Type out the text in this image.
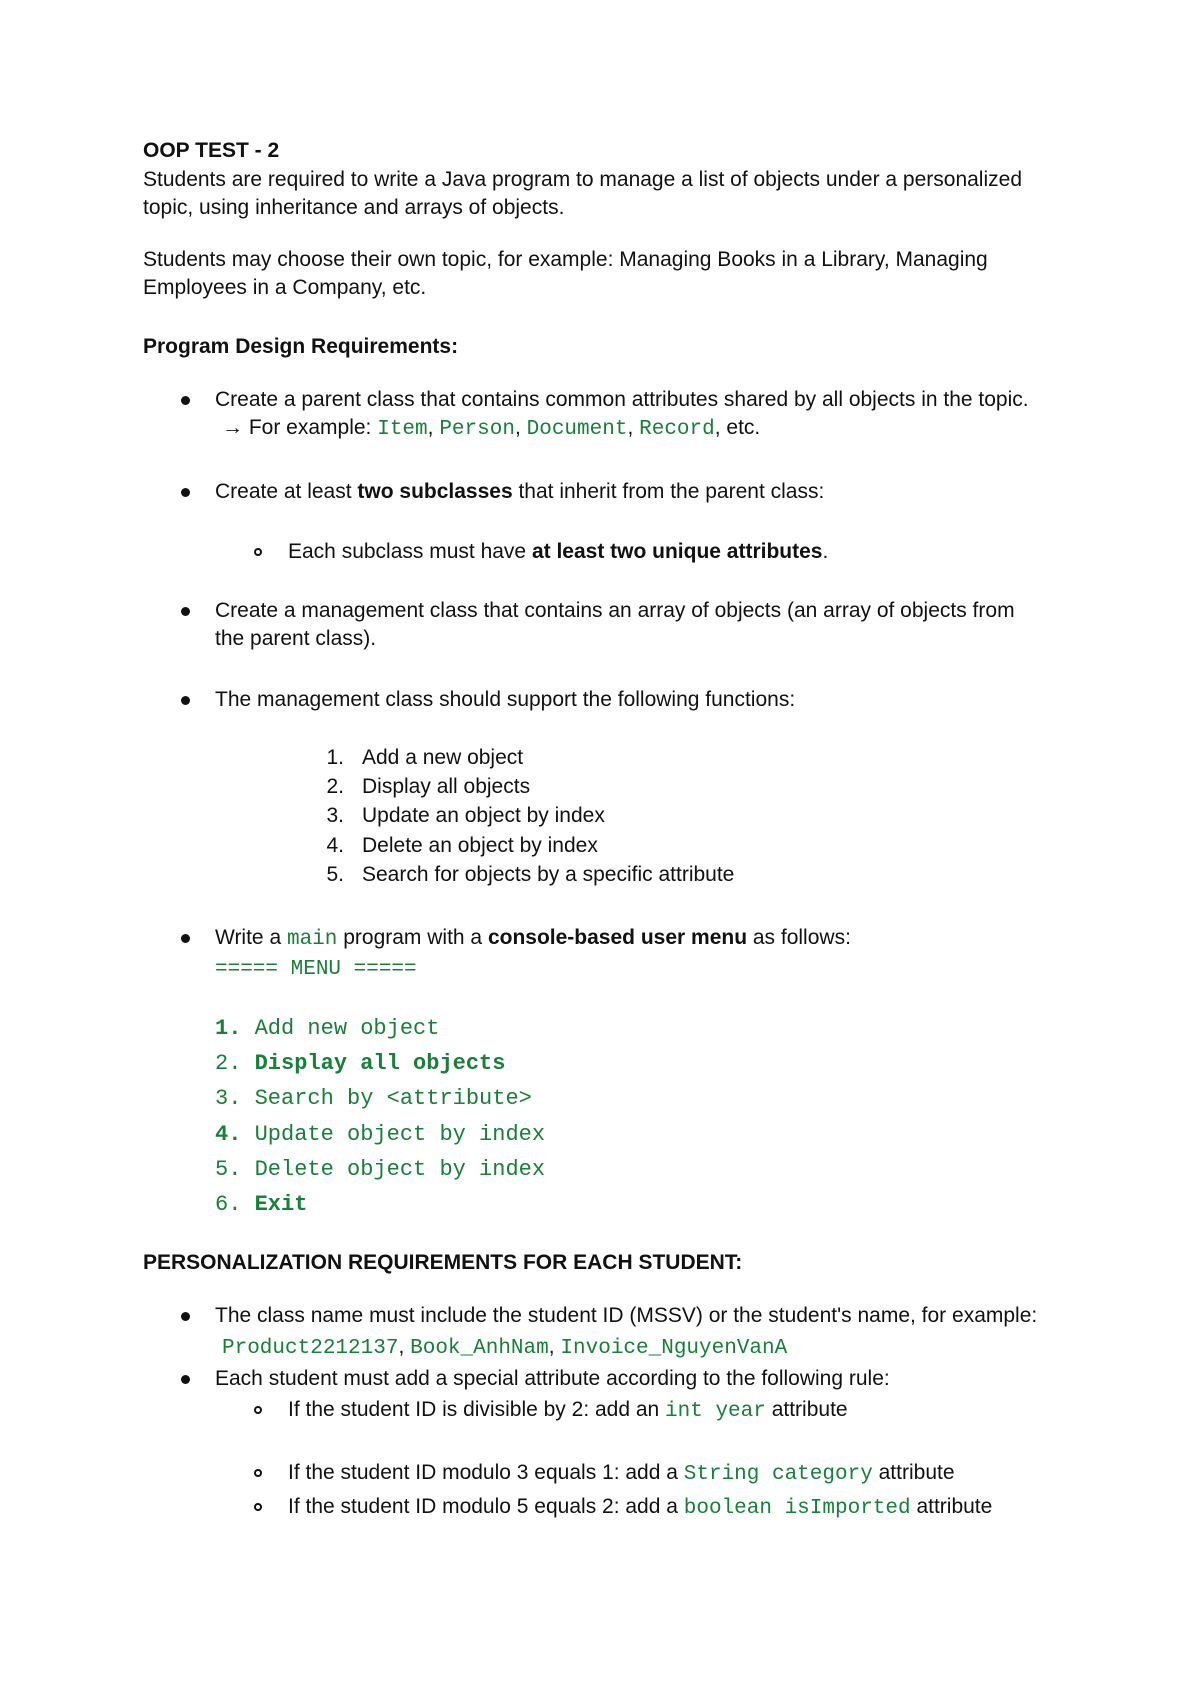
OOP TEST - 2
Students are required to write a Java program to manage a list of objects under a personalized
topic, using inheritance and arrays of objects.
Students may choose their own topic, for example: Managing Books in a Library, Managing
Employees in a Company, etc.
Program Design Requirements:
Create a parent class that contains common attributes shared by all objects in the topic.
→ For example: Item, Person, Document, Record, etc.
Create at least two subclasses that inherit from the parent class:
Each subclass must have at least two unique attributes.
Create a management class that contains an array of objects (an array of objects from
the parent class).
The management class should support the following functions:
1. Add a new object
2. Display all objects
3. Update an object by index
4. Delete an object by index
5. Search for objects by a specific attribute
Write a main program with a console-based user menu as follows:
===== MENU =====
1. Add new object
2. Display all objects
3. Search by <attribute>
4. Update object by index
5. Delete object by index
6. Exit
PERSONALIZATION REQUIREMENTS FOR EACH STUDENT:
The class name must include the student ID (MSSV) or the student's name, for example:
Product2212137, Book_AnhNam, Invoice_NguyenVanA
Each student must add a special attribute according to the following rule:
If the student ID is divisible by 2: add an int year attribute
If the student ID modulo 3 equals 1: add a String category attribute
If the student ID modulo 5 equals 2: add a boolean isImported attribute
